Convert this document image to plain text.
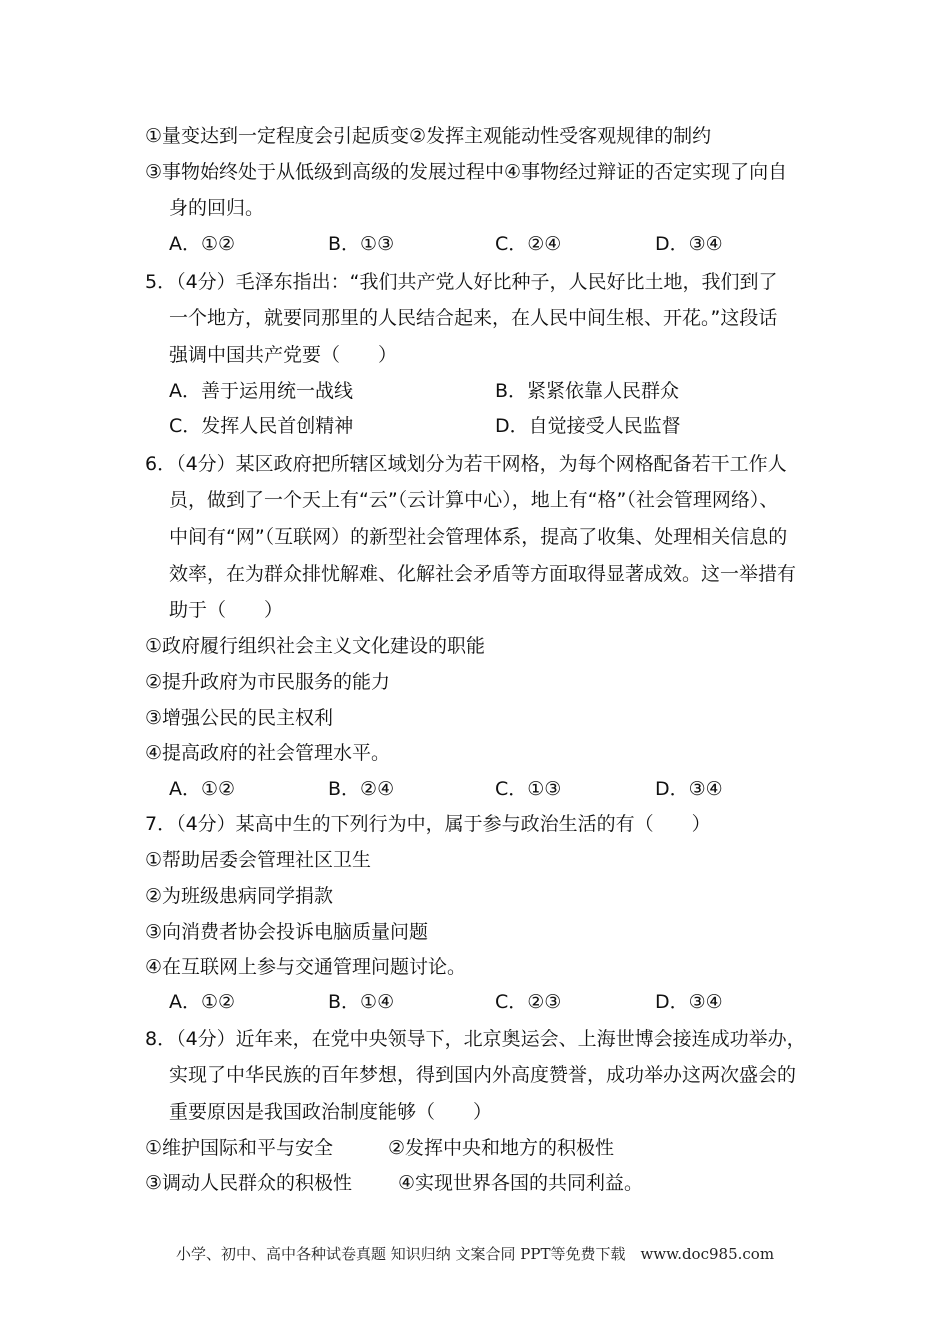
①量变达到一定程度会引起质变②发挥主观能动性受客观规律的制约
③事物始终处于从低级到高级的发展过程中④事物经过辩证的否定实现了向自
身的回归。
A．①②	B．①③	C．②④	D．③④
5．（4分）毛泽东指出：“我们共产党人好比种子，人民好比土地，我们到了
一个地方，就要同那里的人民结合起来，在人民中间生根、开花。”这段话
强调中国共产党要（　　）
A．善于运用统一战线	B．紧紧依靠人民群众
C．发挥人民首创精神	D．自觉接受人民监督
6．（4分）某区政府把所辖区域划分为若干网格，为每个网格配备若干工作人
员，做到了一个天上有“云”（云计算中心），地上有“格”（社会管理网络）、
中间有“网”（互联网）的新型社会管理体系，提高了收集、处理相关信息的
效率，在为群众排忧解难、化解社会矛盾等方面取得显著成效。这一举措有
助于（　　）
①政府履行组织社会主义文化建设的职能
②提升政府为市民服务的能力
③增强公民的民主权利
④提高政府的社会管理水平。
A．①②	B．②④	C．①③	D．③④
7．（4分）某高中生的下列行为中，属于参与政治生活的有（　　）
①帮助居委会管理社区卫生
②为班级患病同学捐款
③向消费者协会投诉电脑质量问题
④在互联网上参与交通管理问题讨论。
A．①②	B．①④	C．②③	D．③④
8．（4分）近年来，在党中央领导下，北京奥运会、上海世博会接连成功举办，
实现了中华民族的百年梦想，得到国内外高度赞誉，成功举办这两次盛会的
重要原因是我国政治制度能够（　　）
①维护国际和平与安全	②发挥中央和地方的积极性
③调动人民群众的积极性 ④实现世界各国的共同利益。
小学、初中、高中各种试卷真题 知识归纳 文案合同 PPT等免费下载　www.doc985.com
